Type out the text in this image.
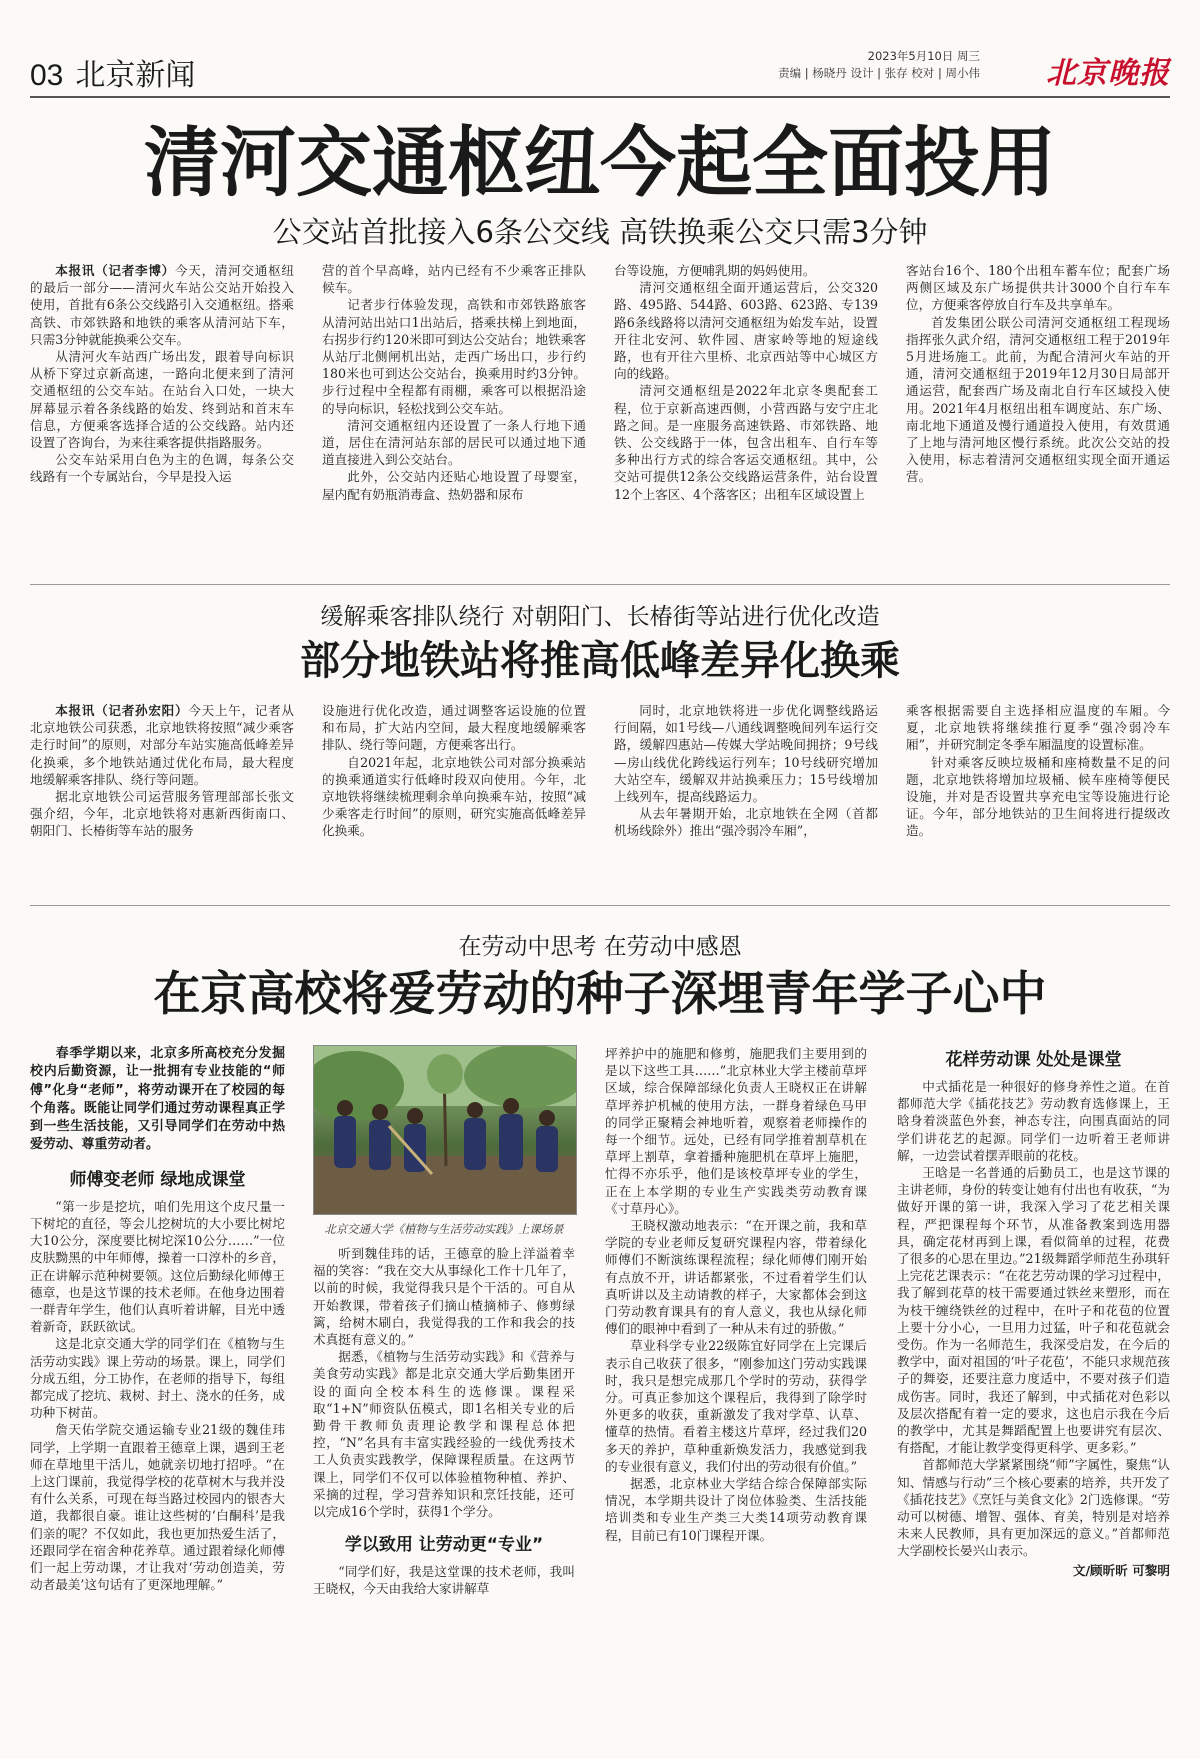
03 北京新闻
2023年5月10日 周三
责编 | 杨晓丹 设计 | 张存 校对 | 周小伟 北京晚报
清河交通枢纽今起全面投用
公交站首批接入6条公交线 高铁换乘公交只需3分钟

本报讯（记者李博）今天，清河交通枢纽的最后一部分——清河火车站公交站开始投入使用，首批有6条公交线路引入交通枢纽。搭乘高铁、市郊铁路和地铁的乘客从清河站下车，只需3分钟就能换乘公交车。

从清河火车站西广场出发，跟着导向标识从桥下穿过京新高速，一路向北便来到了清河交通枢纽的公交车站。在站台入口处，一块大屏幕显示着各条线路的始发、终到站和首末车信息，方便乘客选择合适的公交线路。站内还设置了咨询台，为来往乘客提供指路服务。

公交车站采用白色为主的色调，每条公交线路有一个专属站台，今早是投入运

营的首个早高峰，站内已经有不少乘客正排队候车。

记者步行体验发现，高铁和市郊铁路旅客从清河站出站口1出站后，搭乘扶梯上到地面，右拐步行约120米即可到达公交站台；地铁乘客从站厅北侧闸机出站，走西广场出口，步行约180米也可到达公交站台，换乘用时约3分钟。步行过程中全程都有雨棚，乘客可以根据沿途的导向标识，轻松找到公交车站。

清河交通枢纽内还设置了一条人行地下通道，居住在清河站东部的居民可以通过地下通道直接进入到公交站台。

此外，公交站内还贴心地设置了母婴室，屋内配有奶瓶消毒盒、热奶器和尿布

台等设施，方便哺乳期的妈妈使用。

清河交通枢纽全面开通运营后，公交320路、495路、544路、603路、623路、专139路6条线路将以清河交通枢纽为始发车站，设置开往北安河、软件园、唐家岭等地的短途线路，也有开往六里桥、北京西站等中心城区方向的线路。

清河交通枢纽是2022年北京冬奥配套工程，位于京新高速西侧，小营西路与安宁庄北路之间。是一座服务高速铁路、市郊铁路、地铁、公交线路于一体，包含出租车、自行车等多种出行方式的综合客运交通枢纽。其中，公交站可提供12条公交线路运营条件，站台设置12个上客区、4个落客区；出租车区域设置上

客站台16个、180个出租车蓄车位；配套广场两侧区域及东广场提供共计3000个自行车车位，方便乘客停放自行车及共享单车。

首发集团公联公司清河交通枢纽工程现场指挥张久武介绍，清河交通枢纽工程于2019年5月进场施工。此前，为配合清河火车站的开通，清河交通枢纽于2019年12月30日局部开通运营，配套西广场及南北自行车区域投入使用。2021年4月枢纽出租车调度站、东广场、南北地下通道及慢行通道投入使用，有效贯通了上地与清河地区慢行系统。此次公交站的投入使用，标志着清河交通枢纽实现全面开通运营。

缓解乘客排队绕行 对朝阳门、长椿街等站进行优化改造
部分地铁站将推高低峰差异化换乘

本报讯（记者孙宏阳）今天上午，记者从北京地铁公司获悉，北京地铁将按照“减少乘客走行时间”的原则，对部分车站实施高低峰差异化换乘，多个地铁站通过优化布局，最大程度地缓解乘客排队、绕行等问题。

据北京地铁公司运营服务管理部部长张文强介绍，今年，北京地铁将对惠新西街南口、朝阳门、长椿街等车站的服务

设施进行优化改造，通过调整客运设施的位置和布局，扩大站内空间，最大程度地缓解乘客排队、绕行等问题，方便乘客出行。

自2021年起，北京地铁公司对部分换乘站的换乘通道实行低峰时段双向使用。今年，北京地铁将继续梳理剩余单向换乘车站，按照“减少乘客走行时间”的原则，研究实施高低峰差异化换乘。

同时，北京地铁将进一步优化调整线路运行间隔，如1号线—八通线调整晚间列车运行交路，缓解四惠站—传媒大学站晚间拥挤；9号线—房山线优化跨线运行列车；10号线研究增加大站空车，缓解双井站换乘压力；15号线增加上线列车，提高线路运力。

从去年暑期开始，北京地铁在全网（首都机场线除外）推出“强冷弱冷车厢”，

乘客根据需要自主选择相应温度的车厢。今夏，北京地铁将继续推行夏季“强冷弱冷车厢”，并研究制定冬季车厢温度的设置标准。

针对乘客反映垃圾桶和座椅数量不足的问题，北京地铁将增加垃圾桶、候车座椅等便民设施，并对是否设置共享充电宝等设施进行论证。今年，部分地铁站的卫生间将进行提级改造。

在劳动中思考 在劳动中感恩
在京高校将爱劳动的种子深埋青年学子心中

春季学期以来，北京多所高校充分发掘校内后勤资源，让一批拥有专业技能的“师傅”化身“老师”，将劳动课开在了校园的每个角落。既能让同学们通过劳动课程真正学到一些生活技能，又引导同学们在劳动中热爱劳动、尊重劳动者。

师傅变老师 绿地成课堂

“第一步是挖坑，咱们先用这个皮尺量一下树坨的直径，等会儿挖树坑的大小要比树坨大10公分，深度要比树坨深10公分……”一位皮肤黝黑的中年师傅，操着一口淳朴的乡音，正在讲解示范种树要领。这位后勤绿化师傅王德章，也是这节课的技术老师。在他身边围着一群青年学生，他们认真听着讲解，目光中透着新奇，跃跃欲试。

这是北京交通大学的同学们在《植物与生活劳动实践》课上劳动的场景。课上，同学们分成五组，分工协作，在老师的指导下，每组都完成了挖坑、栽树、封土、浇水的任务，成功种下树苗。

詹天佑学院交通运输专业21级的魏佳玮同学，上学期一直跟着王德章上课，遇到王老师在草地里干活儿，她就亲切地打招呼。“在上这门课前，我觉得学校的花草树木与我并没有什么关系，可现在每当路过校园内的银杏大道，我都很自豪。谁让这些树的‘白酮科’是我们亲的呢？不仅如此，我也更加热爱生活了，还跟同学在宿舍种花养草。通过跟着绿化师傅们一起上劳动课，才让我对‘劳动创造美，劳动者最美’这句话有了更深地理解。”

北京交通大学《植物与生活劳动实践》上课场景

听到魏佳玮的话，王德章的脸上洋溢着幸福的笑容：“我在交大从事绿化工作十几年了，以前的时候，我觉得我只是个干活的。可自从开始教课，带着孩子们摘山楂摘柿子、修剪绿篱，给树木刷白，我觉得我的工作和我会的技术真挺有意义的。”

据悉，《植物与生活劳动实践》和《营养与美食劳动实践》都是北京交通大学后勤集团开设的面向全校本科生的选修课。课程采取“1+N”师资队伍模式，即1名相关专业的后勤骨干教师负责理论教学和课程总体把控，“N”名具有丰富实践经验的一线优秀技术工人负责实践教学，保障课程质量。在这两节课上，同学们不仅可以体验植物种植、养护、采摘的过程，学习营养知识和烹饪技能，还可以完成16个学时，获得1个学分。

学以致用 让劳动更“专业”

“同学们好，我是这堂课的技术老师，我叫王晓权，今天由我给大家讲解草

坪养护中的施肥和修剪，施肥我们主要用到的是以下这些工具……”北京林业大学主楼前草坪区域，综合保障部绿化负责人王晓权正在讲解草坪养护机械的使用方法，一群身着绿色马甲的同学正聚精会神地听着，观察着老师操作的每一个细节。远处，已经有同学推着割草机在草坪上割草，拿着播种施肥机在草坪上施肥，忙得不亦乐乎，他们是该校草坪专业的学生，正在上本学期的专业生产实践类劳动教育课《寸草丹心》。

王晓权激动地表示：“在开课之前，我和草学院的专业老师反复研究课程内容，带着绿化师傅们不断演练课程流程；绿化师傅们刚开始有点放不开，讲话都紧张，不过看着学生们认真听讲以及主动请教的样子，大家都体会到这门劳动教育课具有的育人意义，我也从绿化师傅们的眼神中看到了一种从未有过的骄傲。”

草业科学专业22级陈宜好同学在上完课后表示自己收获了很多，“刚参加这门劳动实践课时，我只是想完成那几个学时的劳动，获得学分。可真正参加这个课程后，我得到了除学时外更多的收获，重新激发了我对学草、认草、懂草的热情。看着主楼这片草坪，经过我们20多天的养护，草种重新焕发活力，我感觉到我的专业很有意义，我们付出的劳动很有价值。”

据悉，北京林业大学结合综合保障部实际情况，本学期共设计了岗位体验类、生活技能培训类和专业生产类三大类14项劳动教育课程，目前已有10门课程开课。

花样劳动课 处处是课堂

中式插花是一种很好的修身养性之道。在首都师范大学《插花技艺》劳动教育选修课上，王晗身着淡蓝色外套，神态专注，向围真面站的同学们讲花艺的起源。同学们一边听着王老师讲解，一边尝试着摆弄眼前的花枝。

王晗是一名普通的后勤员工，也是这节课的主讲老师，身份的转变让她有付出也有收获，“为做好开课的第一讲，我深入学习了花艺相关课程，严把课程每个环节，从准备教案到选用器具，确定花材再到上课，看似简单的过程，花费了很多的心思在里边。”21级舞蹈学师范生孙琪轩上完花艺课表示：“在花艺劳动课的学习过程中，我了解到花草的枝干需要通过铁丝来塑形，而在为枝干缠绕铁丝的过程中，在叶子和花苞的位置上要十分小心，一旦用力过猛，叶子和花苞就会受伤。作为一名师范生，我深受启发，在今后的教学中，面对祖国的‘叶子花苞’，不能只求规范孩子的舞姿，还要注意力度适中，不要对孩子们造成伤害。同时，我还了解到，中式插花对色彩以及层次搭配有着一定的要求，这也启示我在今后的教学中，尤其是舞蹈配置上也要讲究有层次、有搭配，才能让教学变得更科学、更多彩。”

首都师范大学紧紧围绕“师”字属性，聚焦“认知、情感与行动”三个核心要素的培养，共开发了《插花技艺》《烹饪与美食文化》2门选修课。“劳动可以树德、增智、强体、育美，特别是对培养未来人民教师，具有更加深远的意义。”首都师范大学副校长晏兴山表示。

文/顾昕昕 可黎明
